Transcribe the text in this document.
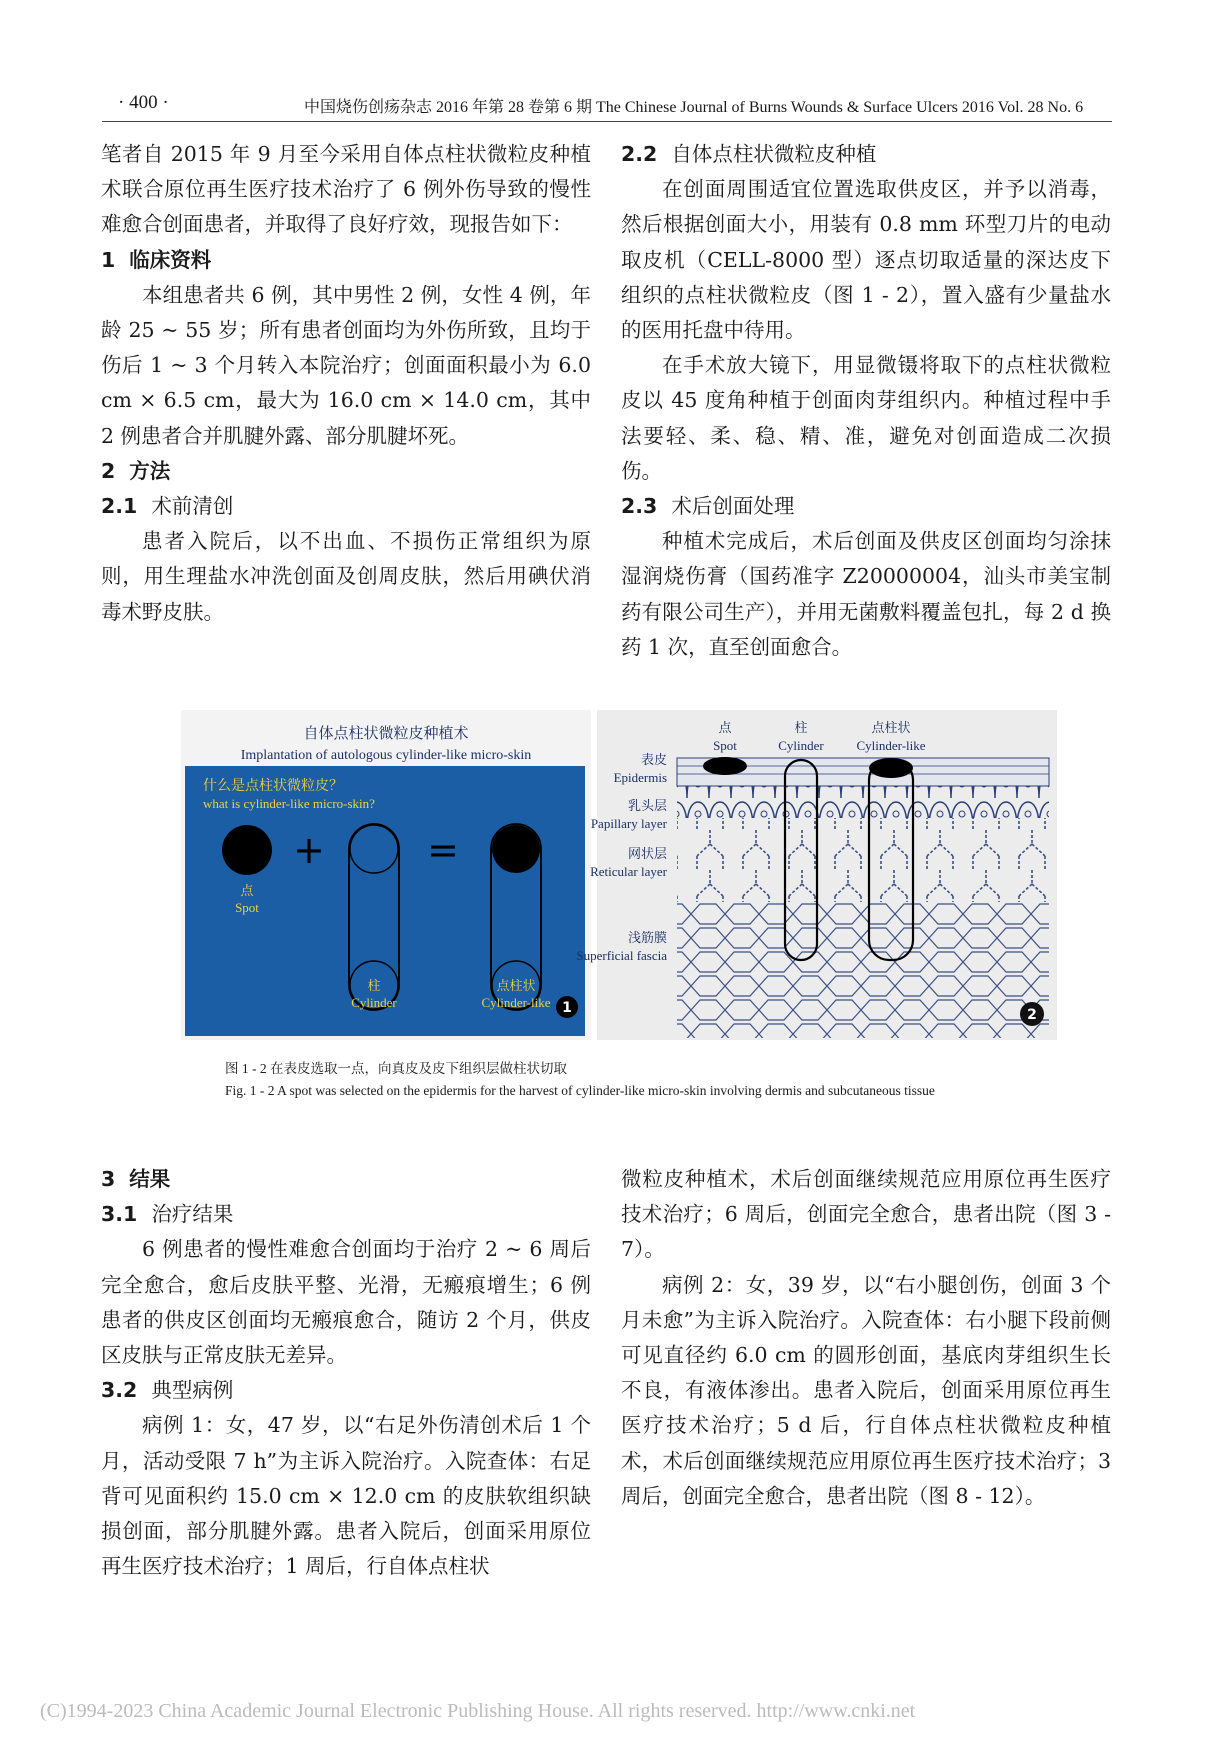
· 400 ·	中国烧伤创疡杂志 2016 年第 28 卷第 6 期 The Chinese Journal of Burns Wounds & Surface Ulcers 2016 Vol. 28 No. 6

笔者自 2015 年 9 月至今采用自体点柱状微粒皮种植术联合原位再生医疗技术治疗了 6 例外伤导致的慢性难愈合创面患者，并取得了良好疗效，现报告如下：

1 临床资料

本组患者共 6 例，其中男性 2 例，女性 4 例，年龄 25 ~ 55 岁；所有患者创面均为外伤所致，且均于伤后 1 ~ 3 个月转入本院治疗；创面面积最小为 6.0 cm × 6.5 cm，最大为 16.0 cm × 14.0 cm，其中 2 例患者合并肌腱外露、部分肌腱坏死。

2 方法
2.1 术前清创

患者入院后，以不出血、不损伤正常组织为原则，用生理盐水冲洗创面及创周皮肤，然后用碘伏消毒术野皮肤。

2.2 自体点柱状微粒皮种植

在创面周围适宜位置选取供皮区，并予以消毒，然后根据创面大小，用装有 0.8 mm 环型刀片的电动取皮机（CELL-8000 型）逐点切取适量的深达皮下组织的点柱状微粒皮（图 1 - 2），置入盛有少量盐水的医用托盘中待用。

在手术放大镜下，用显微镊将取下的点柱状微粒皮以 45 度角种植于创面肉芽组织内。种植过程中手法要轻、柔、稳、精、准，避免对创面造成二次损伤。

2.3 术后创面处理

种植术完成后，术后创面及供皮区创面均匀涂抹湿润烧伤膏（国药准字 Z20000004，汕头市美宝制药有限公司生产），并用无菌敷料覆盖包扎，每 2 d 换药 1 次，直至创面愈合。

自体点柱状微粒皮种植术
Implantation of autologous cylinder-like micro-skin
什么是点柱状微粒皮？
what is cylinder-like micro-skin?
+	=
点
Spot
柱
Cylinder
点柱状
Cylinder-like 1
点
Spot
柱
Cylinder
点柱状
Cylinder-like
表皮
Epidermis
乳头层
Papillary layer
网状层
Reticular layer
浅筋膜
Superficial fascia
2
图 1 - 2 在表皮选取一点，向真皮及皮下组织层做柱状切取
Fig. 1 - 2 A spot was selected on the epidermis for the harvest of cylinder-like micro-skin involving dermis and subcutaneous tissue
3 结果
3.1 治疗结果

6 例患者的慢性难愈合创面均于治疗 2 ~ 6 周后完全愈合，愈后皮肤平整、光滑，无瘢痕增生；6 例患者的供皮区创面均无瘢痕愈合，随访 2 个月，供皮区皮肤与正常皮肤无差异。

3.2 典型病例

病例 1：女，47 岁，以“右足外伤清创术后 1 个月，活动受限 7 h”为主诉入院治疗。入院查体：右足背可见面积约 15.0 cm × 12.0 cm 的皮肤软组织缺损创面，部分肌腱外露。患者入院后，创面采用原位再生医疗技术治疗；1 周后，行自体点柱状

微粒皮种植术，术后创面继续规范应用原位再生医疗技术治疗；6 周后，创面完全愈合，患者出院（图 3 - 7）。

病例 2：女，39 岁，以“右小腿创伤，创面 3 个月未愈”为主诉入院治疗。入院查体：右小腿下段前侧可见直径约 6.0 cm 的圆形创面，基底肉芽组织生长不良，有液体渗出。患者入院后，创面采用原位再生医疗技术治疗；5 d 后，行自体点柱状微粒皮种植术，术后创面继续规范应用原位再生医疗技术治疗；3 周后，创面完全愈合，患者出院（图 8 - 12）。

(C)1994-2023 China Academic Journal Electronic Publishing House. All rights reserved. http://www.cnki.net
